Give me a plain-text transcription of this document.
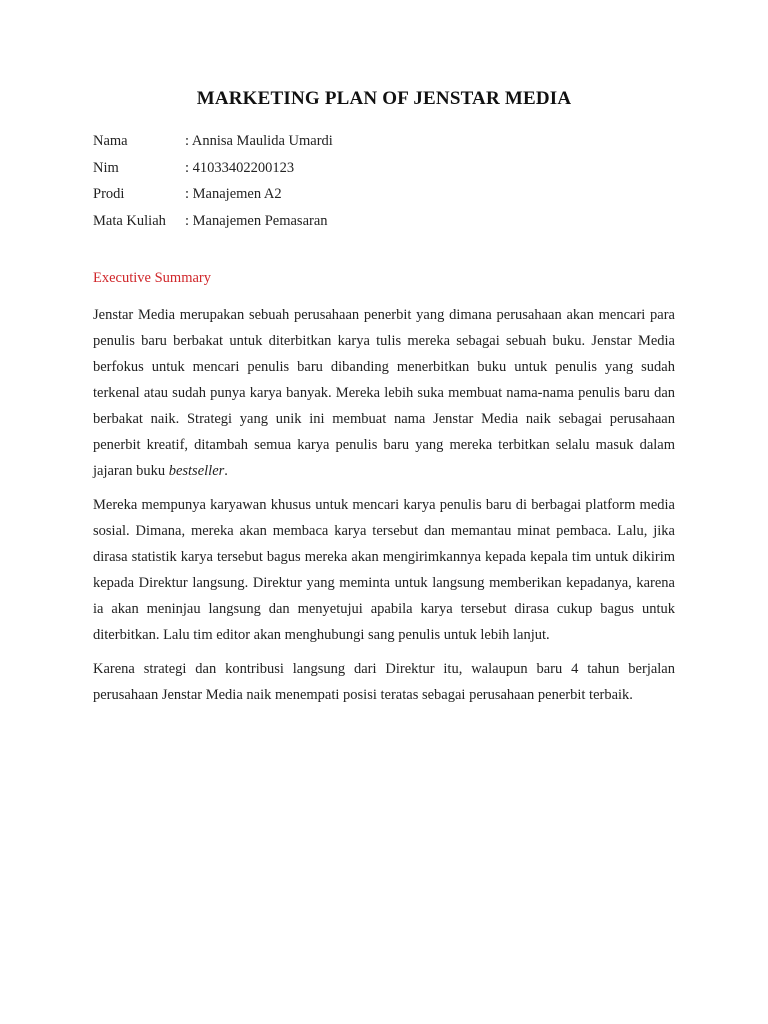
MARKETING PLAN OF JENSTAR MEDIA
Nama	: Annisa Maulida Umardi
Nim	: 41033402200123
Prodi	: Manajemen A2
Mata Kuliah	: Manajemen Pemasaran
Executive Summary

Jenstar Media merupakan sebuah perusahaan penerbit yang dimana perusahaan akan mencari para penulis baru berbakat untuk diterbitkan karya tulis mereka sebagai sebuah buku. Jenstar Media berfokus untuk mencari penulis baru dibanding menerbitkan buku untuk penulis yang sudah terkenal atau sudah punya karya banyak. Mereka lebih suka membuat nama-nama penulis baru dan berbakat naik. Strategi yang unik ini membuat nama Jenstar Media naik sebagai perusahaan penerbit kreatif, ditambah semua karya penulis baru yang mereka terbitkan selalu masuk dalam jajaran buku bestseller.

Mereka mempunya karyawan khusus untuk mencari karya penulis baru di berbagai platform media sosial. Dimana, mereka akan membaca karya tersebut dan memantau minat pembaca. Lalu, jika dirasa statistik karya tersebut bagus mereka akan mengirimkannya kepada kepala tim untuk dikirim kepada Direktur langsung. Direktur yang meminta untuk langsung memberikan kepadanya, karena ia akan meninjau langsung dan menyetujui apabila karya tersebut dirasa cukup bagus untuk diterbitkan. Lalu tim editor akan menghubungi sang penulis untuk lebih lanjut.

Karena strategi dan kontribusi langsung dari Direktur itu, walaupun baru 4 tahun berjalan perusahaan Jenstar Media naik menempati posisi teratas sebagai perusahaan penerbit terbaik.
